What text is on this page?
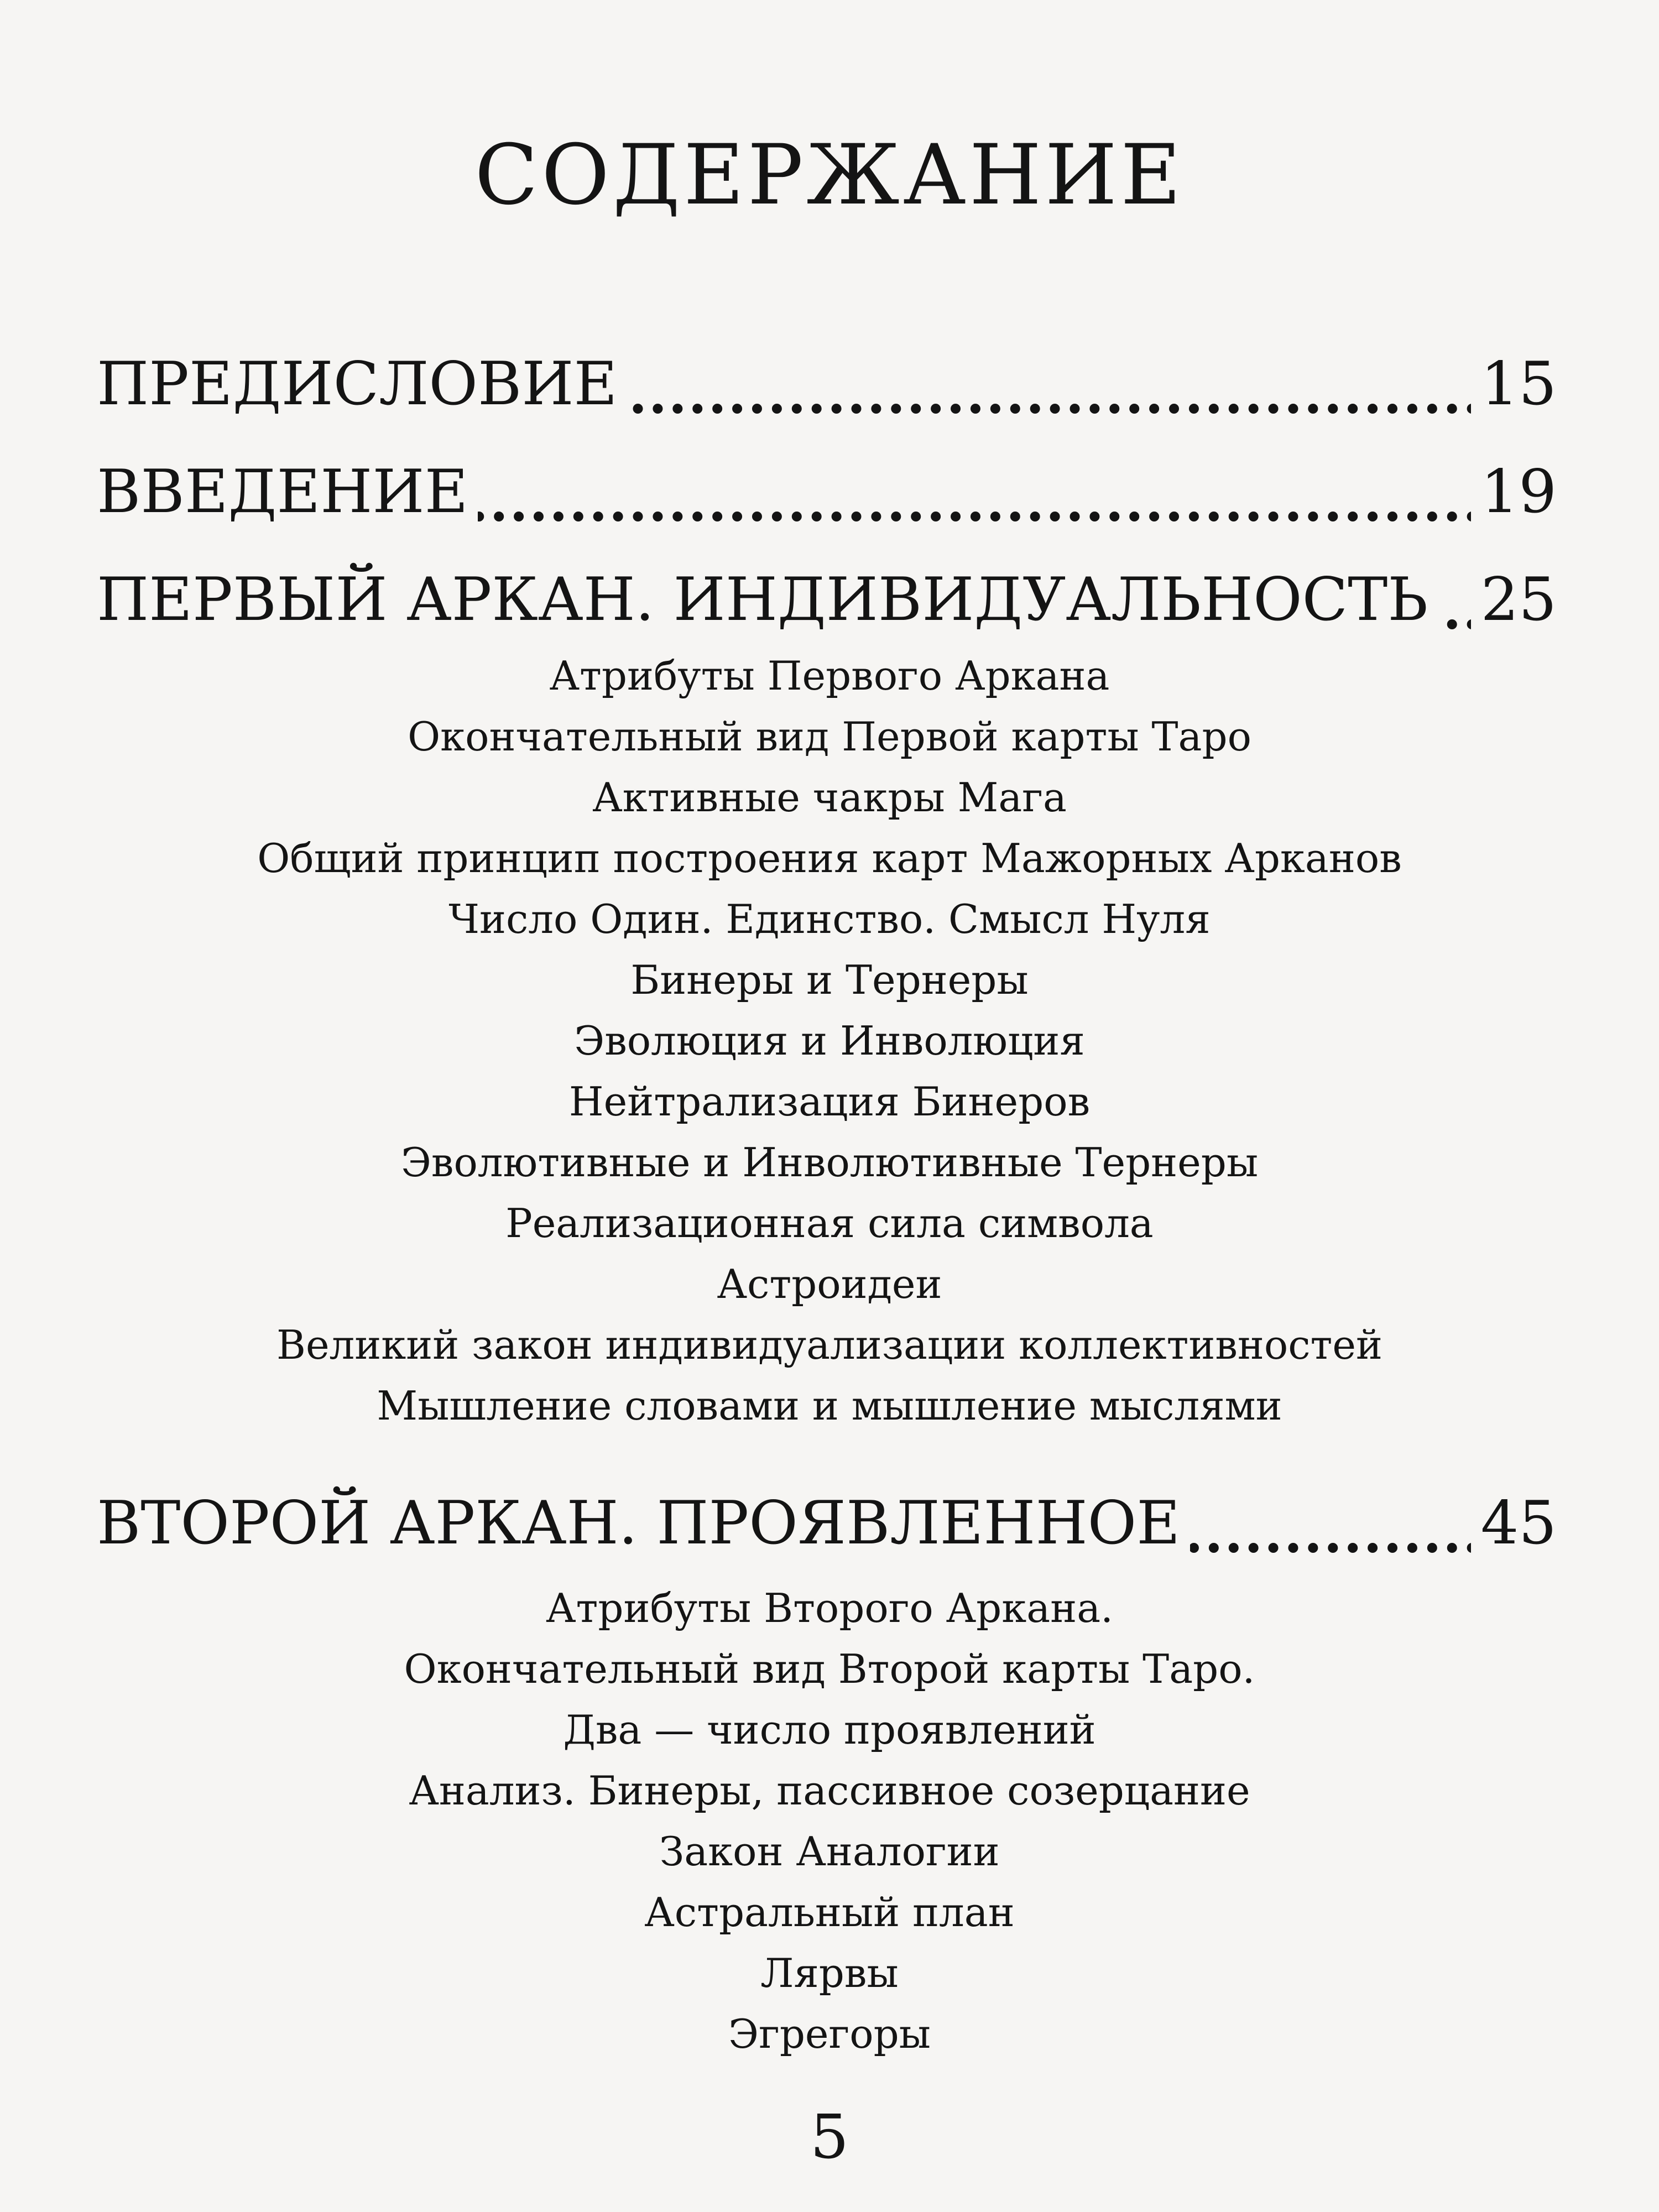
СОДЕРЖАНИЕ
ПРЕДИСЛОВИЕ	15
ВВЕДЕНИЕ	19
ПЕРВЫЙ АРКАН. ИНДИВИДУАЛЬНОСТЬ 25
Атрибуты Первого Аркана
Окончательный вид Первой карты Таро
Активные чакры Мага
Общий принцип построения карт Мажорных Арканов
Число Один. Единство. Смысл Нуля
Бинеры и Тернеры
Эволюция и Инволюция
Нейтрализация Бинеров
Эволютивные и Инволютивные Тернеры
Реализационная сила символа
Астроидеи
Великий закон индивидуализации коллективностей
Мышление словами и мышление мыслями
ВТОРОЙ АРКАН. ПРОЯВЛЕННОЕ	45
Атрибуты Второго Аркана.
Окончательный вид Второй карты Таро.
Два — число проявлений
Анализ. Бинеры, пассивное созерцание
Закон Аналогии
Астральный план
Лярвы
Эгрегоры
5
